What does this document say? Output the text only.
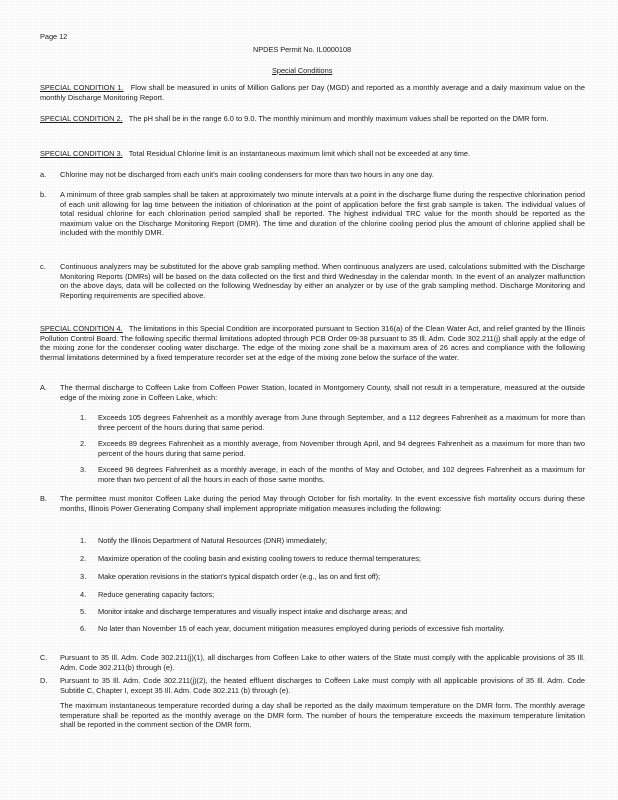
Page 12
NPDES Permit No. IL0000108
Special Conditions
SPECIAL CONDITION 1. Flow shall be measured in units of Million Gallons per Day (MGD) and reported as a monthly average and a daily maximum value on the monthly Discharge Monitoring Report.
SPECIAL CONDITION 2. The pH shall be in the range 6.0 to 9.0. The monthly minimum and monthly maximum values shall be reported on the DMR form.
SPECIAL CONDITION 3. Total Residual Chlorine limit is an instantaneous maximum limit which shall not be exceeded at any time.
a. Chlorine may not be discharged from each unit's main cooling condensers for more than two hours in any one day.
b. A minimum of three grab samples shall be taken at approximately two minute intervals at a point in the discharge flume during the respective chlorination period of each unit allowing for lag time between the initiation of chlorination at the point of application before the first grab sample is taken. The individual values of total residual chlorine for each chlorination period sampled shall be reported. The highest individual TRC value for the month should be reported as the maximum value on the Discharge Monitoring Report (DMR). The time and duration of the chlorine cooling period plus the amount of chlorine applied shall be included with the monthly DMR.
c. Continuous analyzers may be substituted for the above grab sampling method. When continuous analyzers are used, calculations submitted with the Discharge Monitoring Reports (DMRs) will be based on the data collected on the first and third Wednesday in the calendar month. In the event of an analyzer malfunction on the above days, data will be collected on the following Wednesday by either an analyzer or by use of the grab sampling method. Discharge Monitoring and Reporting requirements are specified above.
SPECIAL CONDITION 4. The limitations in this Special Condition are incorporated pursuant to Section 316(a) of the Clean Water Act, and relief granted by the Illinois Pollution Control Board. The following specific thermal limitations adopted through PCB Order 09-38 pursuant to 35 Ill. Adm. Code 302.211(j) shall apply at the edge of the mixing zone for the condenser cooling water discharge. The edge of the mixing zone shall be a maximum area of 26 acres and compliance with the following thermal limitations determined by a fixed temperature recorder set at the edge of the mixing zone below the surface of the water.
A. The thermal discharge to Coffeen Lake from Coffeen Power Station, located in Montgomery County, shall not result in a temperature, measured at the outside edge of the mixing zone in Coffeen Lake, which:
1. Exceeds 105 degrees Fahrenheit as a monthly average from June through September, and a 112 degrees Fahrenheit as a maximum for more than three percent of the hours during that same period.
2. Exceeds 89 degrees Fahrenheit as a monthly average, from November through April, and 94 degrees Fahrenheit as a maximum for more than two percent of the hours during that same period.
3. Exceed 96 degrees Fahrenheit as a monthly average, in each of the months of May and October, and 102 degrees Fahrenheit as a maximum for more than two percent of all the hours in each of those same months.
B. The permittee must monitor Coffeen Lake during the period May through October for fish mortality. In the event excessive fish mortality occurs during these months, Illinois Power Generating Company shall implement appropriate mitigation measures including the following:
1. Notify the Illinois Department of Natural Resources (DNR) immediately;
2. Maximize operation of the cooling basin and existing cooling towers to reduce thermal temperatures;
3. Make operation revisions in the station's typical dispatch order (e.g., las on and first off);
4. Reduce generating capacity factors;
5. Monitor intake and discharge temperatures and visually inspect intake and discharge areas; and
6. No later than November 15 of each year, document mitigation measures employed during periods of excessive fish mortality.
C. Pursuant to 35 Ill. Adm. Code 302.211(j)(1), all discharges from Coffeen Lake to other waters of the State must comply with the applicable provisions of 35 Ill. Adm. Code 302.211(b) through (e).
D. Pursuant to 35 Ill. Adm. Code 302.211(j)(2), the heated effluent discharges to Coffeen Lake must comply with all applicable provisions of 35 Ill. Adm. Code Subtitle C, Chapter I, except 35 Ill. Adm. Code 302.211 (b) through (e).
The maximum instantaneous temperature recorded during a day shall be reported as the daily maximum temperature on the DMR form. The monthly average temperature shall be reported as the monthly average on the DMR form. The number of hours the temperature exceeds the maximum temperature limitation shall be reported in the comment section of the DMR form.
